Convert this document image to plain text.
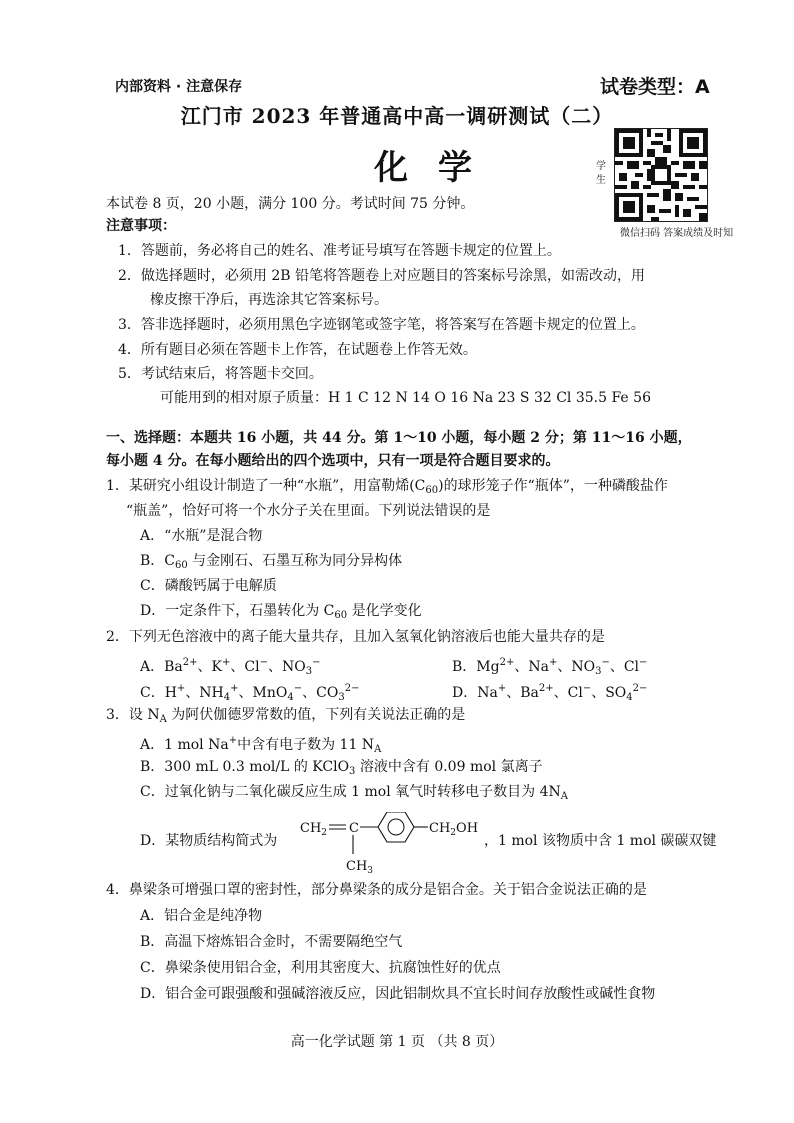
内部资料 · 注意保存	试卷类型：A
江门市 2023 年普通高中高一调研测试（二）
化学	学生
微信扫码 答案成绩及时知
本试卷 8 页，20 小题，满分 100 分。考试时间 75 分钟。
注意事项：
1．答题前，务必将自己的姓名、准考证号填写在答题卡规定的位置上。
2．做选择题时，必须用 2B 铅笔将答题卷上对应题目的答案标号涂黑，如需改动，用
橡皮擦干净后，再选涂其它答案标号。
3．答非选择题时，必须用黑色字迹钢笔或签字笔，将答案写在答题卡规定的位置上。
4．所有题目必须在答题卡上作答，在试题卷上作答无效。
5．考试结束后，将答题卡交回。
可能用到的相对原子质量：H 1 C 12 N 14 O 16 Na 23 S 32 Cl 35.5 Fe 56
一、选择题：本题共 16 小题，共 44 分。第 1～10 小题，每小题 2 分；第 11～16 小题，
每小题 4 分。在每小题给出的四个选项中，只有一项是符合题目要求的。
1．某研究小组设计制造了一种“水瓶”，用富勒烯$(C_{60})$的球形笼子作“瓶体”，一种磷酸盐作
“瓶盖”，恰好可将一个水分子关在里面。下列说法错误的是
A．“水瓶”是混合物
B．$C_{60}$ 与金刚石、石墨互称为同分异构体
C．磷酸钙属于电解质
D．一定条件下，石墨转化为 $C_{60}$ 是化学变化
2．下列无色溶液中的离子能大量共存，且加入氢氧化钠溶液后也能大量共存的是
A．$Ba^{2+}$、K+、Cl−、$NO_3^-$	B．$Mg^{2+}$、Na+、$NO_3^-$、Cl−
C．H+、$NH_4^+$、MnO$_4$−、$CO_3^{2-}$	D．Na+、$Ba^{2+}$、Cl−、$SO_4^{2-}$
3．设 $N_A$ 为阿伏伽德罗常数的值，下列有关说法正确的是
A．1 mol Na+中含有电子数为 11 $N_A$
B．300 mL 0.3 mol/L 的 KClO$_3$ 溶液中含有 0.09 mol 氯离子
C．过氧化钠与二氧化碳反应生成 1 mol 氧气时转移电子数目为 $4N_A$
D．某物质结构简式为
$CH_2$ C
$CH_3$
$CH_2OH$
，1 mol 该物质中含 1 mol 碳碳双键
4．鼻梁条可增强口罩的密封性，部分鼻梁条的成分是铝合金。关于铝合金说法正确的是
A．铝合金是纯净物
B．高温下熔炼铝合金时，不需要隔绝空气
C．鼻梁条使用铝合金，利用其密度大、抗腐蚀性好的优点
D．铝合金可跟强酸和强碱溶液反应，因此铝制炊具不宜长时间存放酸性或碱性食物
高一化学试题 第 1 页 （共 8 页）
